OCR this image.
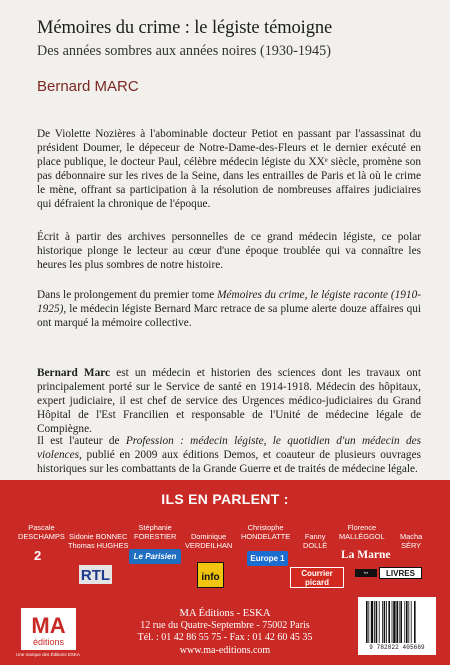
Mémoires du crime : le légiste témoigne
Des années sombres aux années noires (1930-1945)
Bernard MARC
De Violette Nozières à l'abominable docteur Petiot en passant par l'assassinat du président Doumer, le dépeceur de Notre-Dame-des-Fleurs et le dernier exécuté en place publique, le docteur Paul, célèbre médecin légiste du XXᵉ siècle, promène son pas débonnaire sur les rives de la Seine, dans les entrailles de Paris et là où le crime le mène, offrant sa participation à la résolution de nombreuses affaires judiciaires qui défraient la chronique de l'époque.
Écrit à partir des archives personnelles de ce grand médecin légiste, ce polar historique plonge le lecteur au cœur d'une époque troublée qui va connaître les heures les plus sombres de notre histoire.
Dans le prolongement du premier tome Mémoires du crime, le légiste raconte (1910-1925), le médecin légiste Bernard Marc retrace de sa plume alerte douze affaires qui ont marqué la mémoire collective.
Bernard Marc est un médecin et historien des sciences dont les travaux ont principalement porté sur le Service de santé en 1914-1918. Médecin des hôpitaux, expert judiciaire, il est chef de service des Urgences médico-judiciaires du Grand Hôpital de l'Est Francilien et responsable de l'Unité de médecine légale de Compiègne.
Il est l'auteur de Profession : médecin légiste, le quotidien d'un médecin des violences, publié en 2009 aux éditions Demos, et coauteur de plusieurs ouvrages historiques sur les combattants de la Grande Guerre et de traités de médecine légale.
ILS EN PARLENT :
Pascale
DESCHAMPS Sidonie BONNEC
Thomas HUGHES
Stéphanie
FORESTIER	Dominique
VERDEILHAN
Christophe
HONDELATTE Fanny
DOLLÉ
Florence
MALLÉGGOL Macha
SÉRY
2
RTL
Le Parisien
info
Europe 1
Courrier
picard
La Marne
▪▪▪	LIVRES
MA
éditions
Une marque des Éditions ESKA
MA Éditions - ESKA
12 rue du Quatre-Septembre - 75002 Paris
Tél. : 01 42 86 55 75 - Fax : 01 42 60 45 35
www.ma-editions.com	9 782822 405669
